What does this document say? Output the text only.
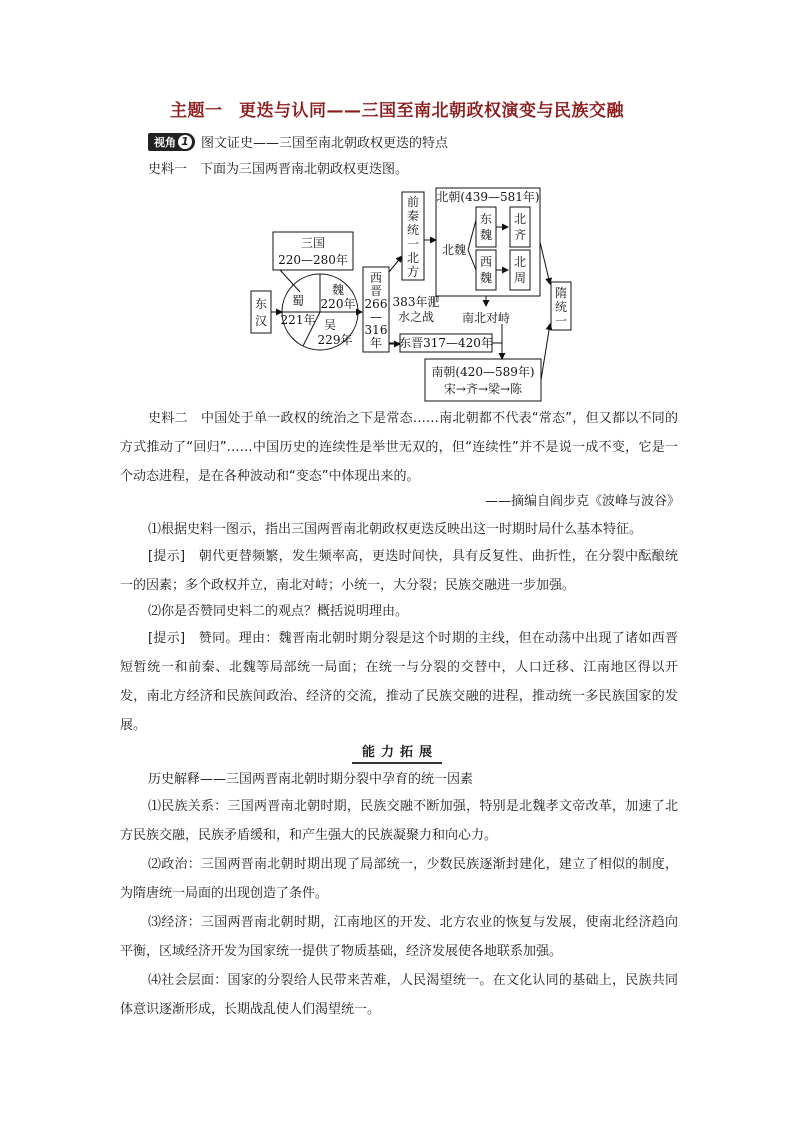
主题一 更迭与认同——三国至南北朝政权演变与民族交融
视角 1 图文证史——三国至南北朝政权更迭的特点
史料一　下面为三国两晋南北朝政权更迭图。
三国
220—280年
东
汉
魏
220年
蜀
221年 吴
229年
西
晋
266
—
316
年
前
秦
统
一
北
方
383年淝
水之战
北朝(439—581年)
北魏
东
魏
西
魏
北
齐
北
周
南北对峙
东晋317—420年
南朝(420—589年)
宋→齐→梁→陈
隋
统
一
史料二　中国处于单一政权的统治之下是常态……南北朝都不代表“常态”，但又都以不同的方式推动了“回归”……中国历史的连续性是举世无双的，但“连续性”并不是说一成不变，它是一个动态进程，是在各种波动和“变态”中体现出来的。
——摘编自阎步克《波峰与波谷》
⑴根据史料一图示，指出三国两晋南北朝政权更迭反映出这一时期时局什么基本特征。
[提示]　朝代更替频繁，发生频率高，更迭时间快，具有反复性、曲折性，在分裂中酝酿统一的因素；多个政权并立，南北对峙；小统一，大分裂；民族交融进一步加强。
⑵你是否赞同史料二的观点？概括说明理由。
[提示]　赞同。理由：魏晋南北朝时期分裂是这个时期的主线，但在动荡中出现了诸如西晋短暂统一和前秦、北魏等局部统一局面；在统一与分裂的交替中，人口迁移、江南地区得以开发，南北方经济和民族间政治、经济的交流，推动了民族交融的进程，推动统一多民族国家的发展。
能力拓展
历史解释——三国两晋南北朝时期分裂中孕育的统一因素
⑴民族关系：三国两晋南北朝时期，民族交融不断加强，特别是北魏孝文帝改革，加速了北方民族交融，民族矛盾缓和，和产生强大的民族凝聚力和向心力。
⑵政治：三国两晋南北朝时期出现了局部统一，少数民族逐渐封建化，建立了相似的制度，为隋唐统一局面的出现创造了条件。
⑶经济：三国两晋南北朝时期，江南地区的开发、北方农业的恢复与发展，使南北经济趋向平衡，区域经济开发为国家统一提供了物质基础，经济发展使各地联系加强。
⑷社会层面：国家的分裂给人民带来苦难，人民渴望统一。在文化认同的基础上，民族共同体意识逐渐形成，长期战乱使人们渴望统一。
